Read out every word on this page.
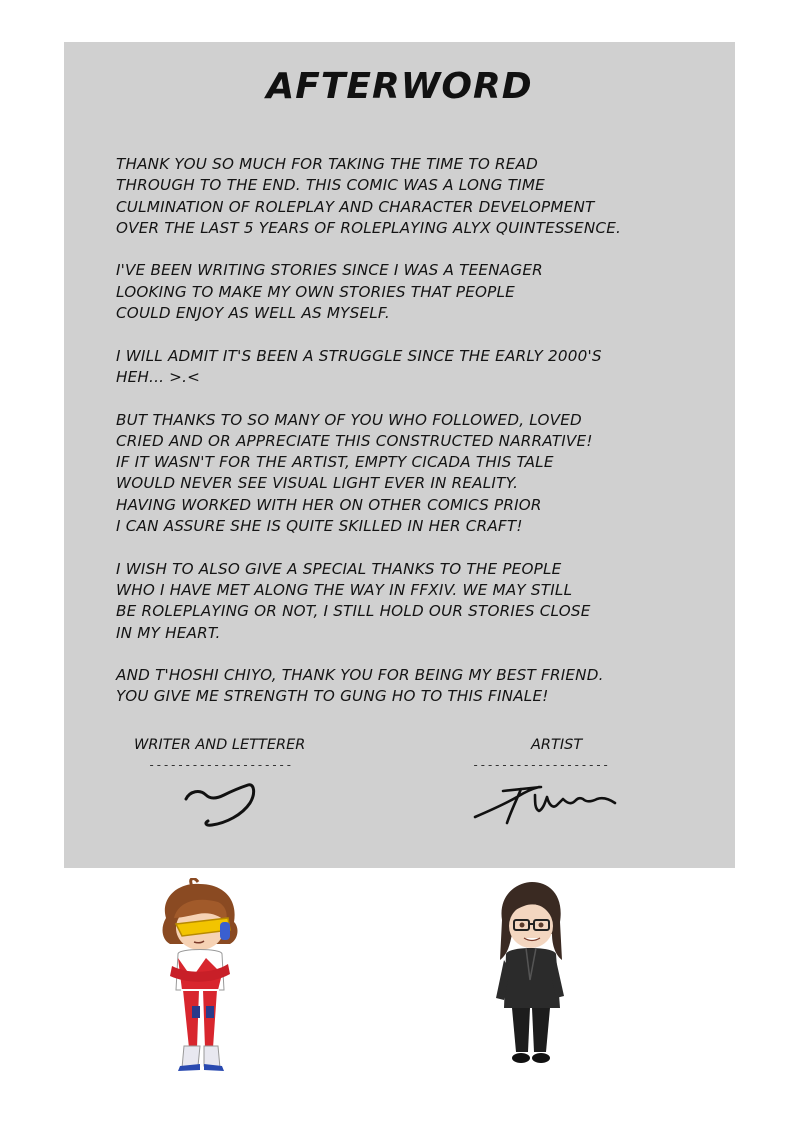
AFTERWORD
THANK YOU SO MUCH FOR TAKING THE TIME TO READ
THROUGH TO THE END. THIS COMIC WAS A LONG TIME
CULMINATION OF ROLEPLAY AND CHARACTER DEVELOPMENT
OVER THE LAST 5 YEARS OF ROLEPLAYING ALYX QUINTESSENCE.
I'VE BEEN WRITING STORIES SINCE I WAS A TEENAGER
LOOKING TO MAKE MY OWN STORIES THAT PEOPLE
COULD ENJOY AS WELL AS MYSELF.
I WILL ADMIT IT'S BEEN A STRUGGLE SINCE THE EARLY 2000'S
HEH... >.<
BUT THANKS TO SO MANY OF YOU WHO FOLLOWED, LOVED
CRIED AND OR APPRECIATE THIS CONSTRUCTED NARRATIVE!
IF IT WASN'T FOR THE ARTIST, EMPTY CICADA THIS TALE
WOULD NEVER SEE VISUAL LIGHT EVER IN REALITY.
HAVING WORKED WITH HER ON OTHER COMICS PRIOR
I CAN ASSURE SHE IS QUITE SKILLED IN HER CRAFT!
I WISH TO ALSO GIVE A SPECIAL THANKS TO THE PEOPLE
WHO I HAVE MET ALONG THE WAY IN FFXIV. WE MAY STILL
BE ROLEPLAYING OR NOT, I STILL HOLD OUR STORIES CLOSE
IN MY HEART.
AND T'HOSHI CHIYO, THANK YOU FOR BEING MY BEST FRIEND.
YOU GIVE ME STRENGTH TO GUNG HO TO THIS FINALE!
WRITER AND LETTERER
--------------------
ARTIST
-------------------
